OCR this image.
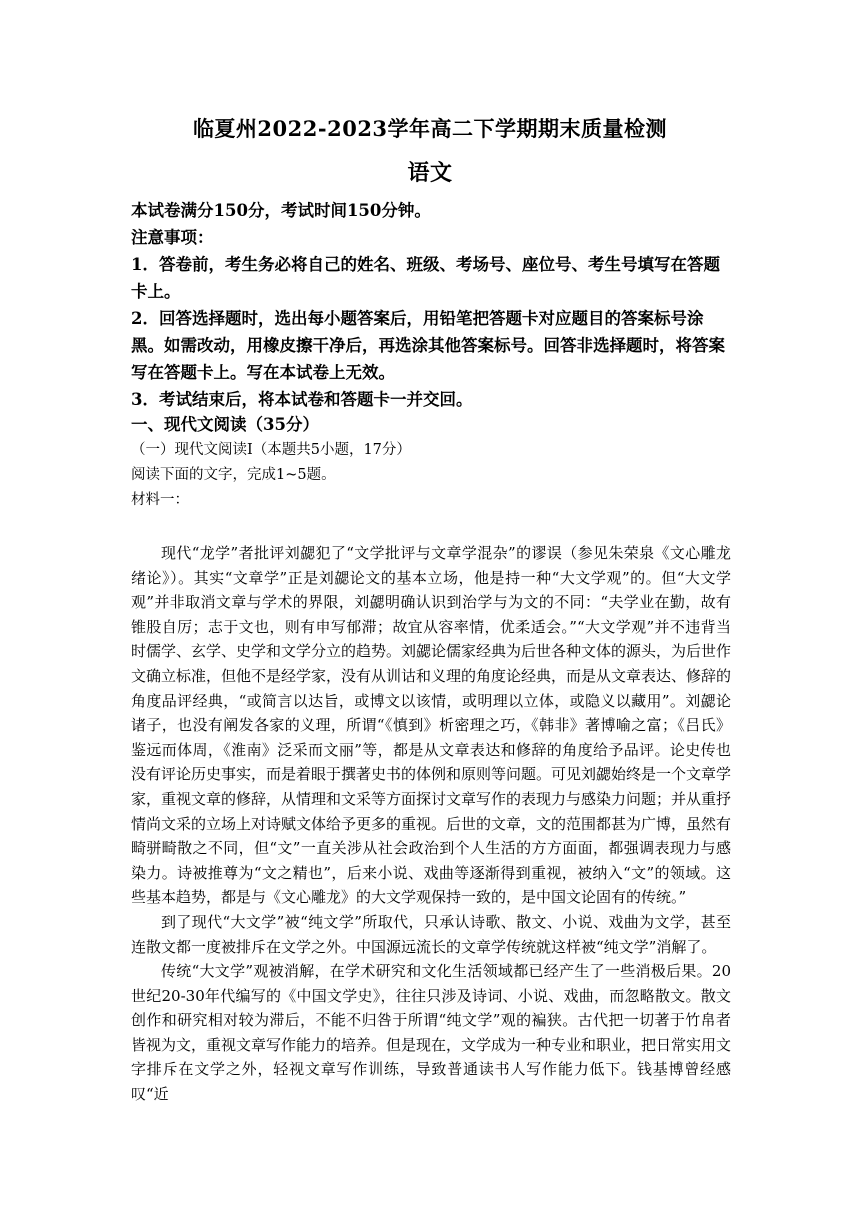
临夏州2022-2023学年高二下学期期末质量检测
语文

本试卷满分150分，考试时间150分钟。

注意事项：

1．答卷前，考生务必将自己的姓名、班级、考场号、座位号、考生号填写在答题卡上。

2．回答选择题时，选出每小题答案后，用铅笔把答题卡对应题目的答案标号涂黑。如需改动，用橡皮擦干净后，再选涂其他答案标号。回答非选择题时，将答案写在答题卡上。写在本试卷上无效。

3．考试结束后，将本试卷和答题卡一并交回。

一、现代文阅读（35分）

（一）现代文阅读Ⅰ（本题共5小题，17分）

阅读下面的文字，完成1~5题。

材料一：

现代“龙学”者批评刘勰犯了“文学批评与文章学混杂”的谬误（参见朱荣泉《文心雕龙绪论》）。其实“文章学”正是刘勰论文的基本立场，他是持一种“大文学观”的。但“大文学观”并非取消文章与学术的界限，刘勰明确认识到治学与为文的不同：“夫学业在勤，故有锥股自厉；志于文也，则有申写郁滞；故宜从容率情，优柔适会。”“大文学观”并不违背当时儒学、玄学、史学和文学分立的趋势。刘勰论儒家经典为后世各种文体的源头，为后世作文确立标准，但他不是经学家，没有从训诂和义理的角度论经典，而是从文章表达、修辞的角度品评经典，“或简言以达旨，或博文以该情，或明理以立体，或隐义以藏用”。刘勰论诸子，也没有阐发各家的义理，所谓“《慎到》析密理之巧，《韩非》著博喻之富；《吕氏》鉴远而体周，《淮南》泛采而文丽”等，都是从文章表达和修辞的角度给予品评。论史传也没有评论历史事实，而是着眼于撰著史书的体例和原则等问题。可见刘勰始终是一个文章学家，重视文章的修辞，从情理和文采等方面探讨文章写作的表现力与感染力问题；并从重抒情尚文采的立场上对诗赋文体给予更多的重视。后世的文章，文的范围都甚为广博，虽然有畸骈畸散之不同，但“文”一直关涉从社会政治到个人生活的方方面面，都强调表现力与感染力。诗被推尊为“文之精也”，后来小说、戏曲等逐渐得到重视，被纳入“文”的领域。这些基本趋势，都是与《文心雕龙》的大文学观保持一致的，是中国文论固有的传统。”

到了现代“大文学”被“纯文学”所取代，只承认诗歌、散文、小说、戏曲为文学，甚至连散文都一度被排斥在文学之外。中国源远流长的文章学传统就这样被“纯文学”消解了。

传统“大文学”观被消解，在学术研究和文化生活领域都已经产生了一些消极后果。20世纪20-30年代编写的《中国文学史》，往往只涉及诗词、小说、戏曲，而忽略散文。散文创作和研究相对较为滞后，不能不归咎于所谓“纯文学”观的褊狭。古代把一切著于竹帛者皆视为文，重视文章写作能力的培养。但是现在，文学成为一种专业和职业，把日常实用文字排斥在文学之外，轻视文章写作训练，导致普通读书人写作能力低下。钱基博曾经感叹“近
